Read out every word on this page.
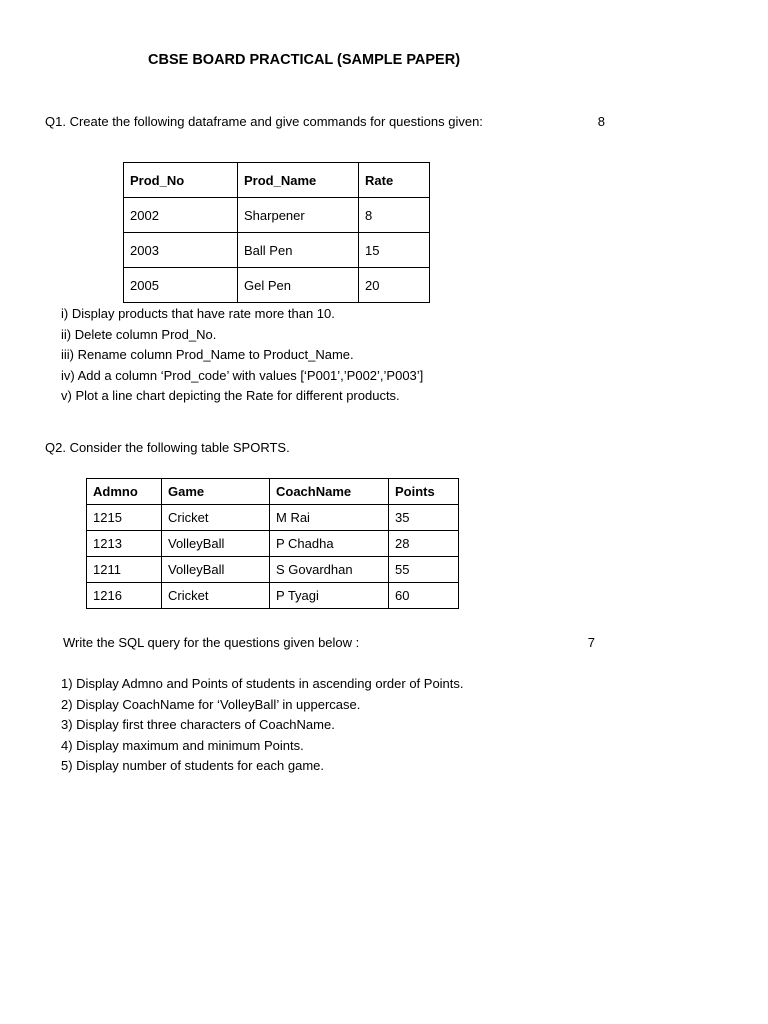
CBSE BOARD PRACTICAL (SAMPLE PAPER)
Q1. Create the following dataframe and give commands for questions given:	8
Prod_No	Prod_Name	Rate
2002	Sharpener	8
2003	Ball Pen	15
2005	Gel Pen	20
i) Display products that have rate more than 10.
ii) Delete column Prod_No.
iii) Rename column Prod_Name to Product_Name.
iv) Add a column ‘Prod_code’ with values [‘P001’,’P002’,’P003’]
v) Plot a line chart depicting the Rate for different products.
Q2. Consider the following table SPORTS.
Admno	Game	CoachName	Points
1215	Cricket	M Rai	35
1213	VolleyBall	P Chadha	28
1211	VolleyBall	S Govardhan	55
1216	Cricket	P Tyagi	60
Write the SQL query for the questions given below :	7
1) Display Admno and Points of students in ascending order of Points.
2) Display CoachName for ‘VolleyBall’ in uppercase.
3) Display first three characters of CoachName.
4) Display maximum and minimum Points.
5) Display number of students for each game.
